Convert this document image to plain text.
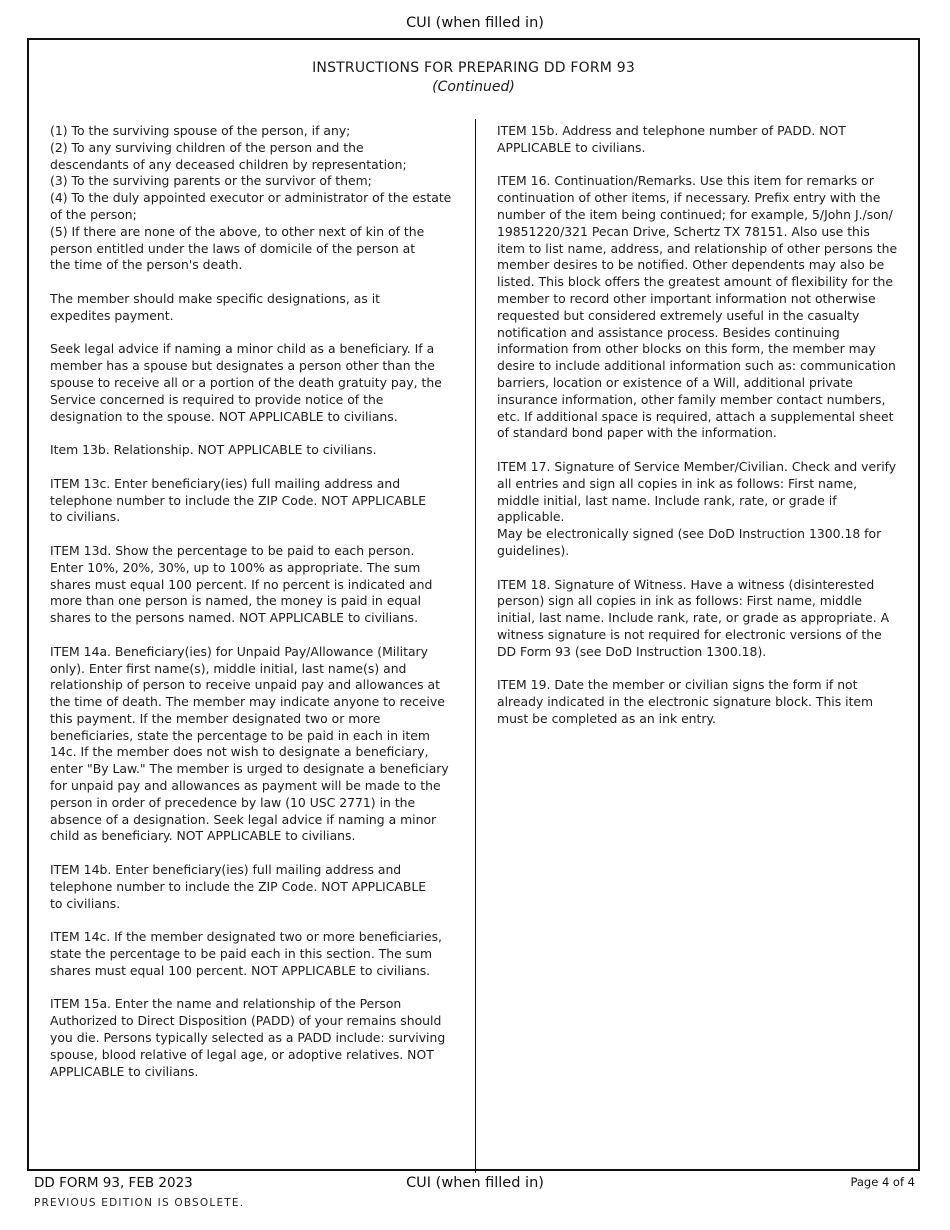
CUI (when filled in)
INSTRUCTIONS FOR PREPARING DD FORM 93
(Continued)

(1) To the surviving spouse of the person, if any;
(2) To any surviving children of the person and the
descendants of any deceased children by representation;
(3) To the surviving parents or the survivor of them;
(4) To the duly appointed executor or administrator of the estate
of the person;
(5) If there are none of the above, to other next of kin of the
person entitled under the laws of domicile of the person at
the time of the person's death.

The member should make specific designations, as it
expedites payment.

Seek legal advice if naming a minor child as a beneficiary. If a
member has a spouse but designates a person other than the
spouse to receive all or a portion of the death gratuity pay, the
Service concerned is required to provide notice of the
designation to the spouse. NOT APPLICABLE to civilians.

Item 13b. Relationship. NOT APPLICABLE to civilians.

ITEM 13c. Enter beneficiary(ies) full mailing address and
telephone number to include the ZIP Code. NOT APPLICABLE
to civilians.

ITEM 13d. Show the percentage to be paid to each person.
Enter 10%, 20%, 30%, up to 100% as appropriate. The sum
shares must equal 100 percent. If no percent is indicated and
more than one person is named, the money is paid in equal
shares to the persons named. NOT APPLICABLE to civilians.

ITEM 14a. Beneficiary(ies) for Unpaid Pay/Allowance (Military
only). Enter first name(s), middle initial, last name(s) and
relationship of person to receive unpaid pay and allowances at
the time of death. The member may indicate anyone to receive
this payment. If the member designated two or more
beneficiaries, state the percentage to be paid in each in item
14c. If the member does not wish to designate a beneficiary,
enter "By Law." The member is urged to designate a beneficiary
for unpaid pay and allowances as payment will be made to the
person in order of precedence by law (10 USC 2771) in the
absence of a designation. Seek legal advice if naming a minor
child as beneficiary. NOT APPLICABLE to civilians.

ITEM 14b. Enter beneficiary(ies) full mailing address and
telephone number to include the ZIP Code. NOT APPLICABLE
to civilians.

ITEM 14c. If the member designated two or more beneficiaries,
state the percentage to be paid each in this section. The sum
shares must equal 100 percent. NOT APPLICABLE to civilians.

ITEM 15a. Enter the name and relationship of the Person
Authorized to Direct Disposition (PADD) of your remains should
you die. Persons typically selected as a PADD include: surviving
spouse, blood relative of legal age, or adoptive relatives. NOT
APPLICABLE to civilians.

ITEM 15b. Address and telephone number of PADD. NOT
APPLICABLE to civilians.

ITEM 16. Continuation/Remarks. Use this item for remarks or
continuation of other items, if necessary. Prefix entry with the
number of the item being continued; for example, 5/John J./son/
19851220/321 Pecan Drive, Schertz TX 78151. Also use this
item to list name, address, and relationship of other persons the
member desires to be notified. Other dependents may also be
listed. This block offers the greatest amount of flexibility for the
member to record other important information not otherwise
requested but considered extremely useful in the casualty
notification and assistance process. Besides continuing
information from other blocks on this form, the member may
desire to include additional information such as: communication
barriers, location or existence of a Will, additional private
insurance information, other family member contact numbers,
etc. If additional space is required, attach a supplemental sheet
of standard bond paper with the information.

ITEM 17. Signature of Service Member/Civilian. Check and verify
all entries and sign all copies in ink as follows: First name,
middle initial, last name. Include rank, rate, or grade if applicable.
May be electronically signed (see DoD Instruction 1300.18 for
guidelines).

ITEM 18. Signature of Witness. Have a witness (disinterested
person) sign all copies in ink as follows: First name, middle
initial, last name. Include rank, rate, or grade as appropriate. A
witness signature is not required for electronic versions of the
DD Form 93 (see DoD Instruction 1300.18).

ITEM 19. Date the member or civilian signs the form if not
already indicated in the electronic signature block. This item
must be completed as an ink entry.

DD FORM 93, FEB 2023
PREVIOUS EDITION IS OBSOLETE.
CUI (when filled in)	Page 4 of 4
